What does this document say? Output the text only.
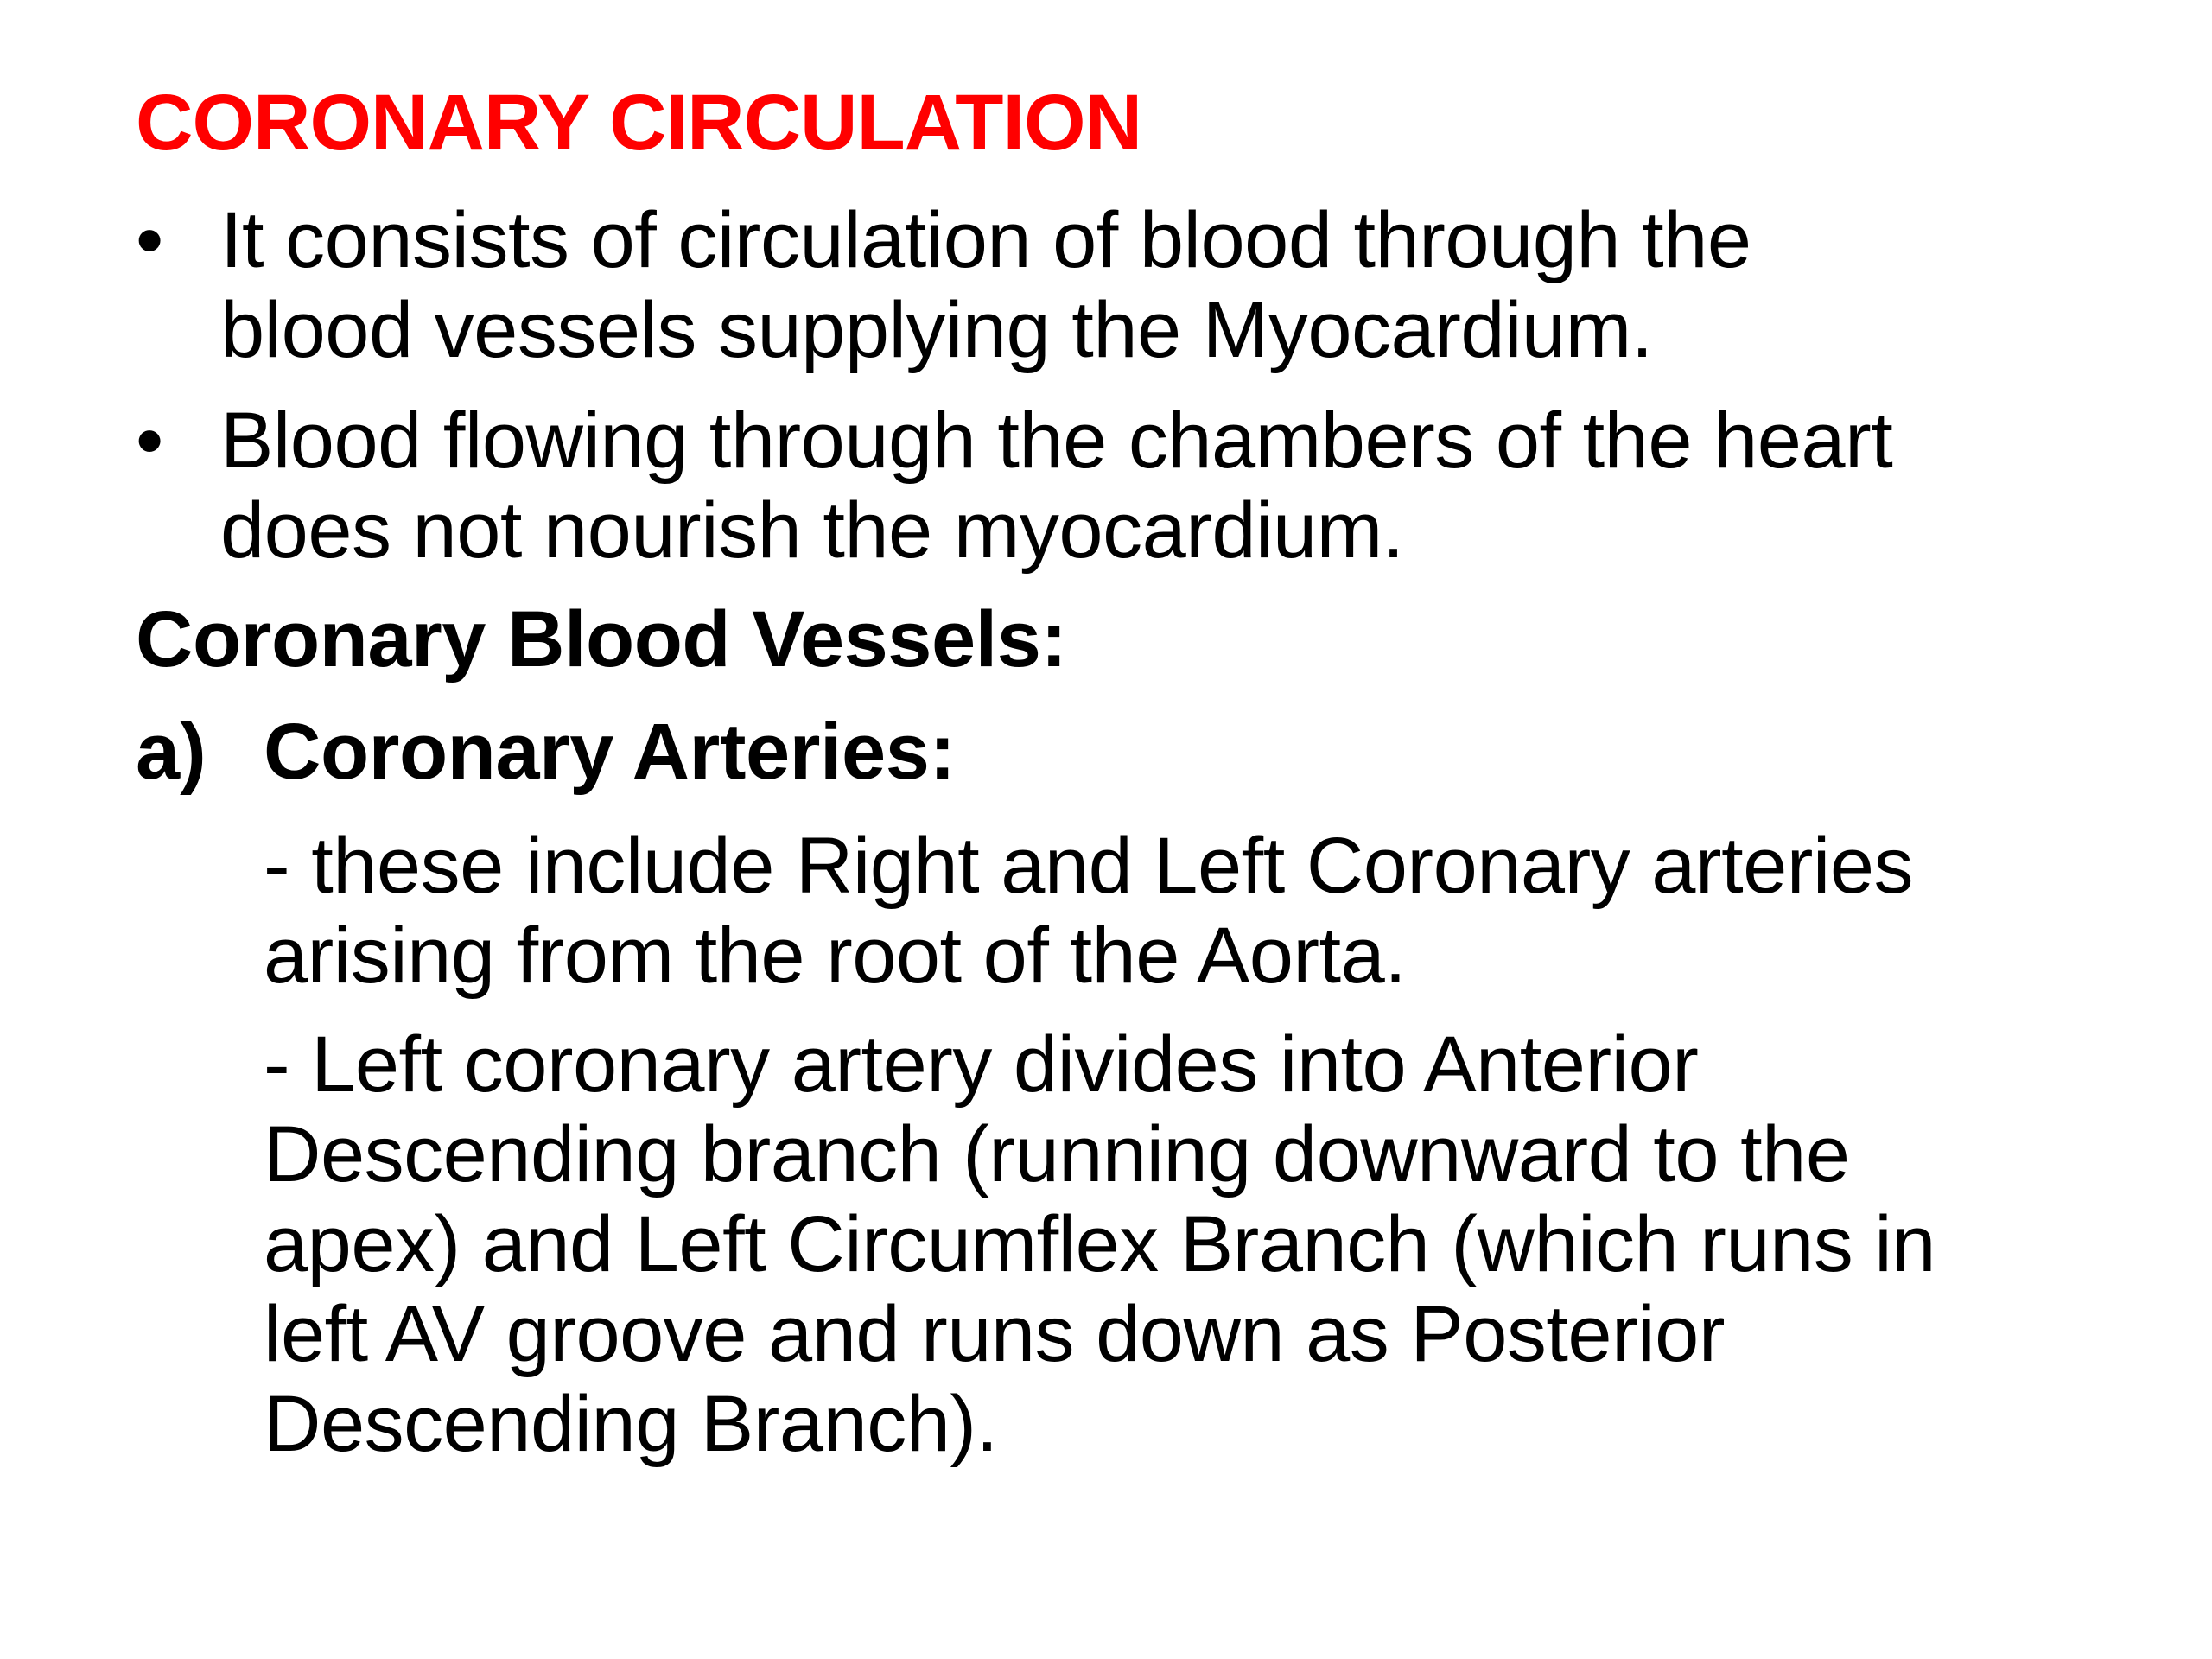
CORONARY CIRCULATION
• It consists of circulation of blood through the
blood vessels supplying the Myocardium.
• Blood flowing through the chambers of the heart
does not nourish the myocardium.
Coronary Blood Vessels:
a) Coronary Arteries:
- these include Right and Left Coronary arteries
arising from the root of the Aorta.
- Left coronary artery divides into Anterior
Descending branch (running downward to the
apex) and Left Circumflex Branch (which runs in
left AV groove and runs down as Posterior
Descending Branch).
